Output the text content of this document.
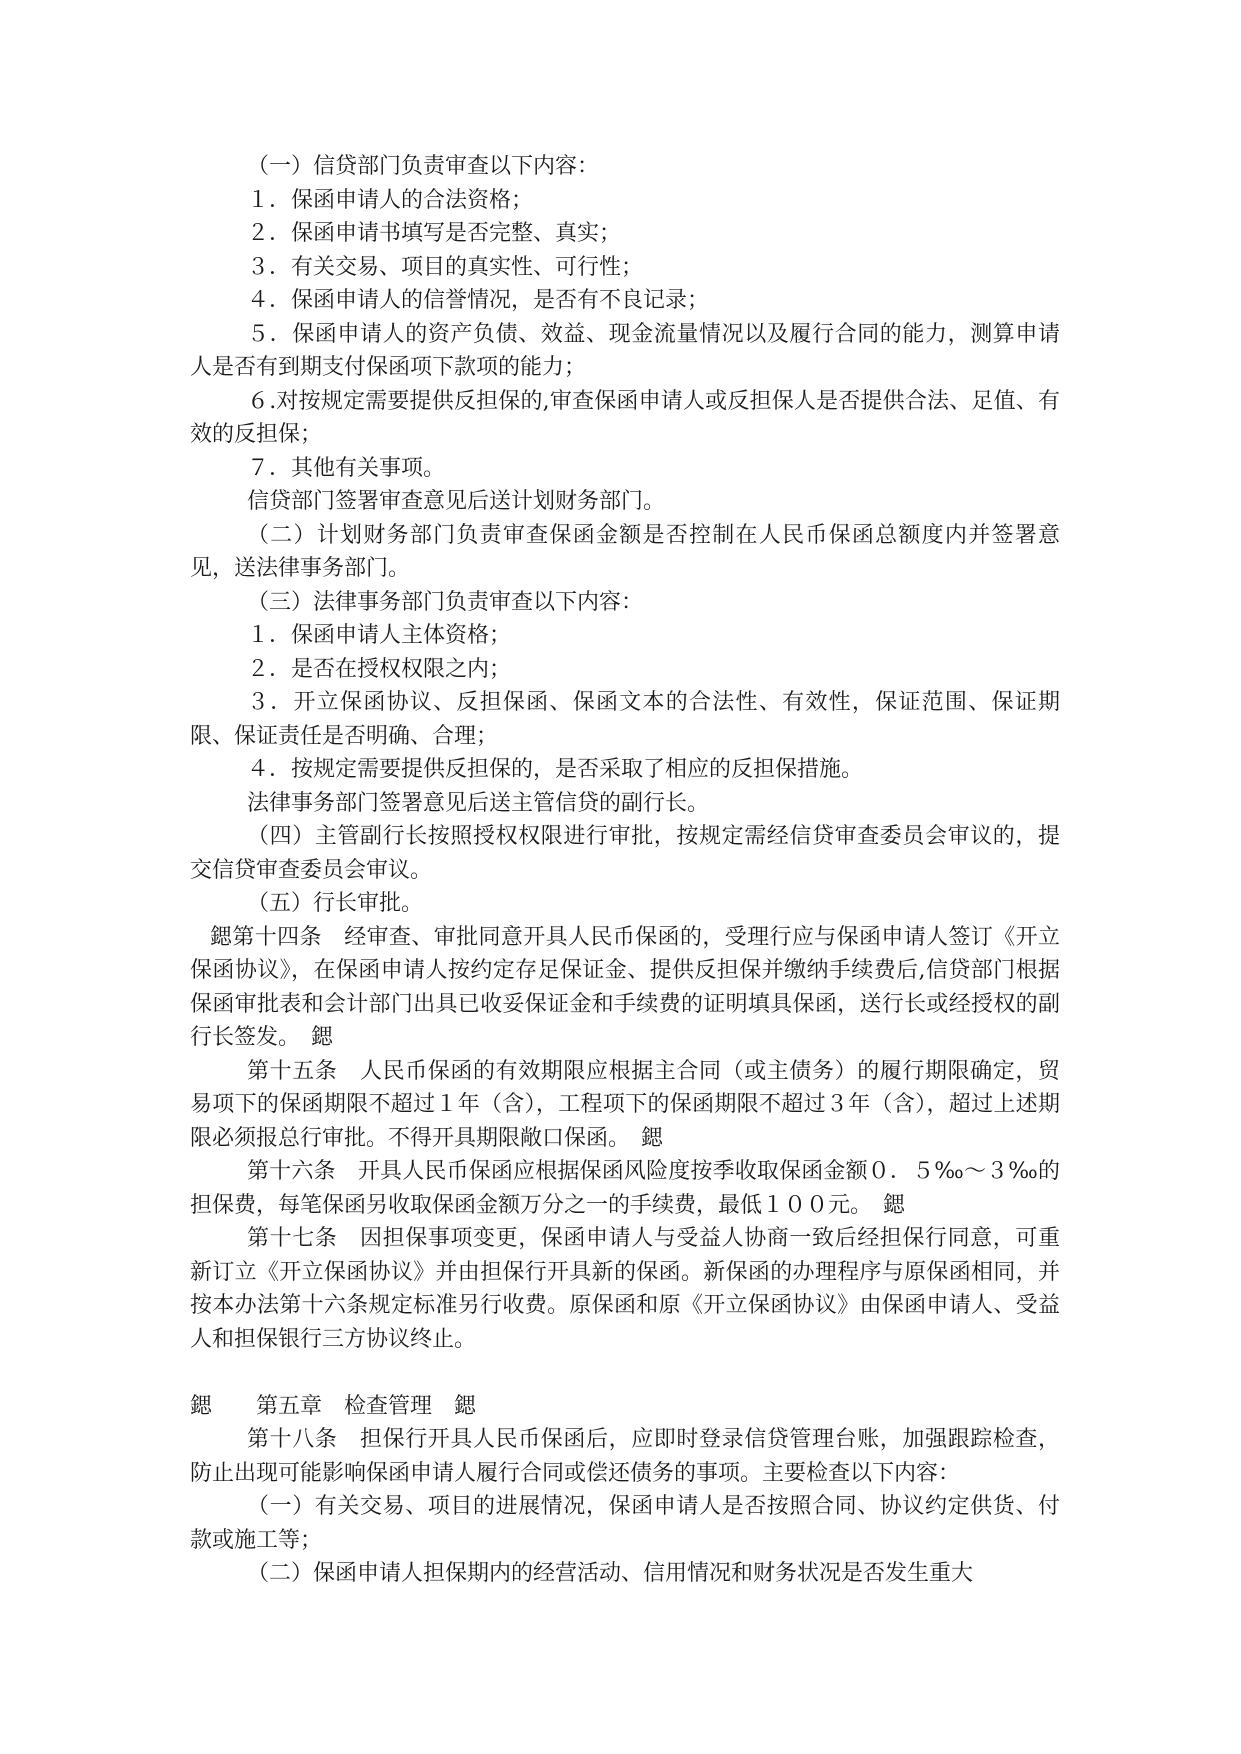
（一）信贷部门负责审查以下内容：

１．保函申请人的合法资格；

２．保函申请书填写是否完整、真实；

３．有关交易、项目的真实性、可行性；

４．保函申请人的信誉情况，是否有不良记录；

５．保函申请人的资产负债、效益、现金流量情况以及履行合同的能力，测算申请人是否有到期支付保函项下款项的能力；

６.对按规定需要提供反担保的,审查保函申请人或反担保人是否提供合法、足值、有效的反担保；

７．其他有关事项。

信贷部门签署审查意见后送计划财务部门。

（二）计划财务部门负责审查保函金额是否控制在人民币保函总额度内并签署意见，送法律事务部门。

（三）法律事务部门负责审查以下内容：

１．保函申请人主体资格；

２．是否在授权权限之内；

３．开立保函协议、反担保函、保函文本的合法性、有效性，保证范围、保证期限、保证责任是否明确、合理；

４．按规定需要提供反担保的，是否采取了相应的反担保措施。

法律事务部门签署意见后送主管信贷的副行长。

（四）主管副行长按照授权权限进行审批，按规定需经信贷审查委员会审议的，提交信贷审查委员会审议。

（五）行长审批。

鍶第十四条　经审查、审批同意开具人民币保函的，受理行应与保函申请人签订《开立保函协议》，在保函申请人按约定存足保证金、提供反担保并缴纳手续费后,信贷部门根据保函审批表和会计部门出具已收妥保证金和手续费的证明填具保函，送行长或经授权的副行长签发。　鍶

第十五条　人民币保函的有效期限应根据主合同（或主债务）的履行期限确定，贸易项下的保函期限不超过１年（含），工程项下的保函期限不超过３年（含），超过上述期限必须报总行审批。不得开具期限敞口保函。　鍶

第十六条　开具人民币保函应根据保函风险度按季收取保函金额０．５‰～３‰的担保费，每笔保函另收取保函金额万分之一的手续费，最低１００元。　鍶

第十七条　因担保事项变更，保函申请人与受益人协商一致后经担保行同意，可重新订立《开立保函协议》并由担保行开具新的保函。新保函的办理程序与原保函相同，并按本办法第十六条规定标准另行收费。原保函和原《开立保函协议》由保函申请人、受益人和担保银行三方协议终止。

鍶　　第五章　检查管理　鍶

第十八条　担保行开具人民币保函后，应即时登录信贷管理台账，加强跟踪检查，防止出现可能影响保函申请人履行合同或偿还债务的事项。主要检查以下内容：

（一）有关交易、项目的进展情况，保函申请人是否按照合同、协议约定供货、付款或施工等；

（二）保函申请人担保期内的经营活动、信用情况和财务状况是否发生重大
